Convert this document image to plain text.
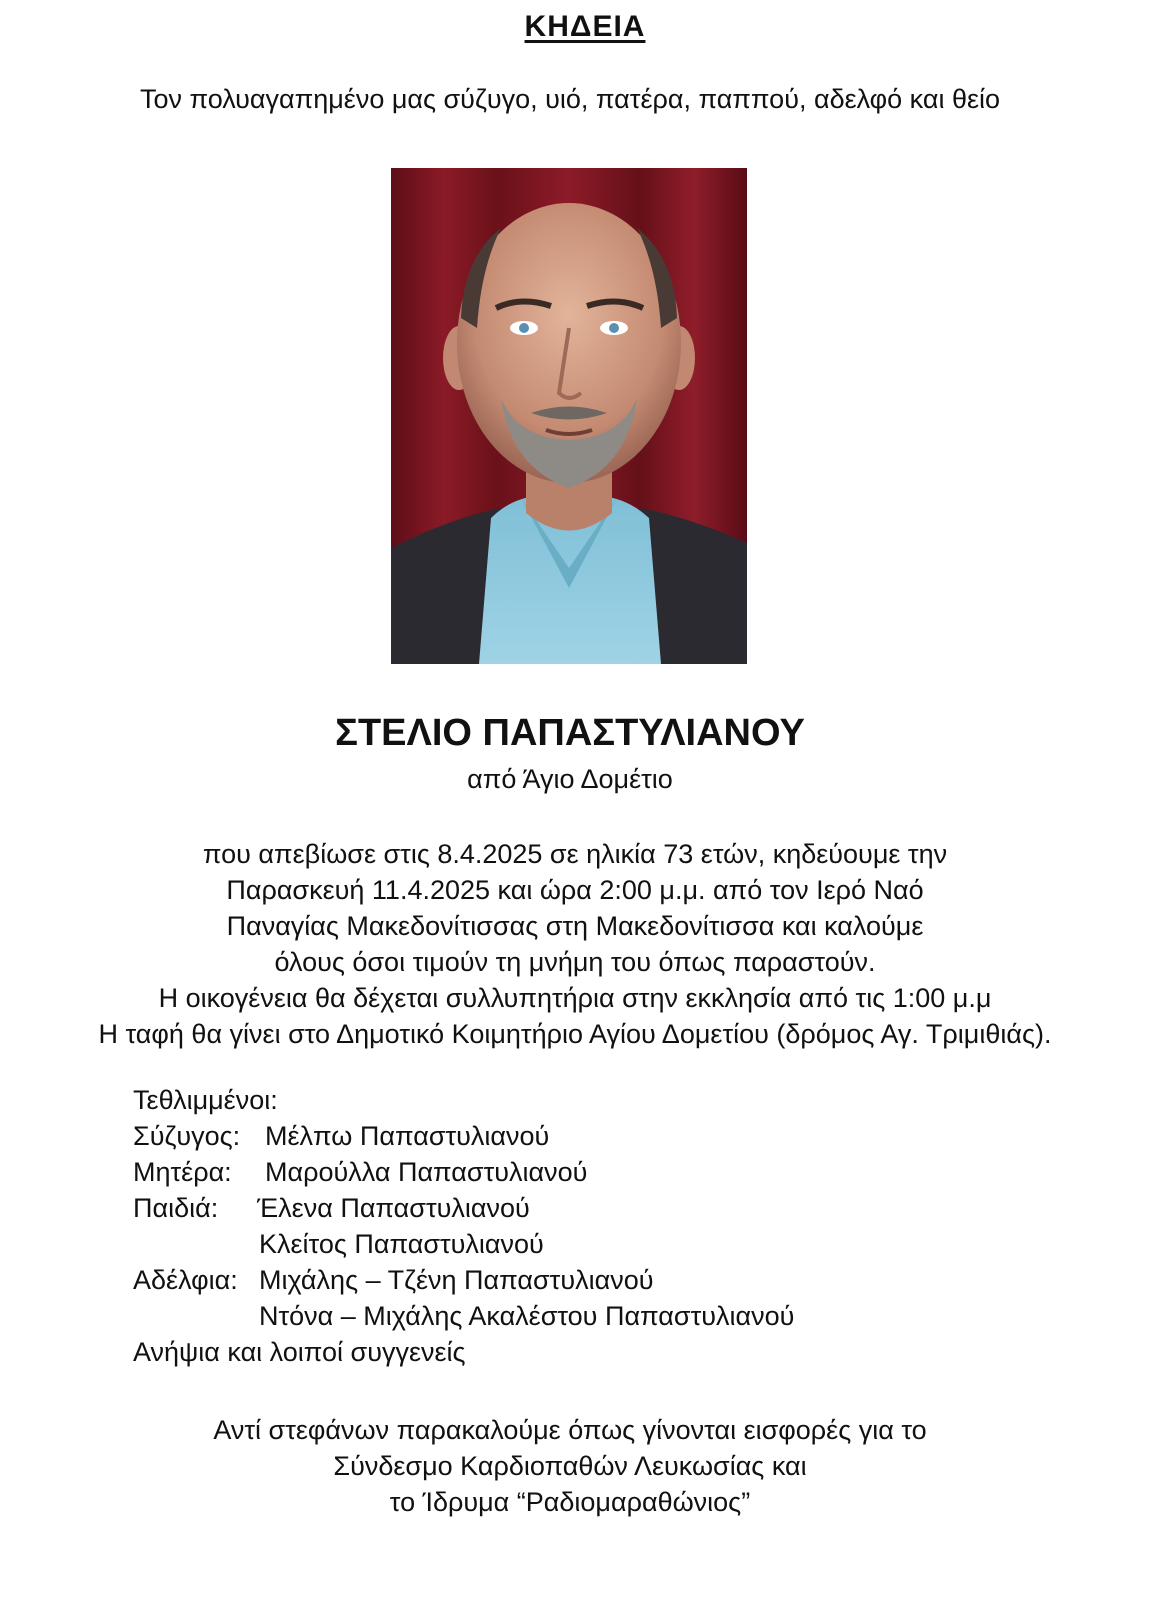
ΚΗΔΕΙΑ
Τον πολυαγαπημένο μας σύζυγο, υιό, πατέρα, παππού, αδελφό και θείο
ΣΤΕΛΙΟ ΠΑΠΑΣΤΥΛΙΑΝΟΥ
από Άγιο Δομέτιο
που απεβίωσε στις 8.4.2025 σε ηλικία 73 ετών, κηδεύουμε την
Παρασκευή 11.4.2025 και ώρα 2:00 μ.μ. από τον Ιερό Ναό
Παναγίας Μακεδονίτισσας στη Μακεδονίτισσα και καλούμε
όλους όσοι τιμούν τη μνήμη του όπως παραστούν.
Η οικογένεια θα δέχεται συλλυπητήρια στην εκκλησία από τις 1:00 μ.μ
Η ταφή θα γίνει στο Δημοτικό Κοιμητήριο Αγίου Δομετίου (δρόμος Αγ. Τριμιθιάς).
Τεθλιμμένοι:
Σύζυγος: Μέλπω Παπαστυλιανού
Μητέρα: Μαρούλλα Παπαστυλιανού
Παιδιά: Έλενα Παπαστυλιανού
Κλείτος Παπαστυλιανού
Αδέλφια: Μιχάλης – Τζένη Παπαστυλιανού
Ντόνα – Μιχάλης Ακαλέστου Παπαστυλιανού
Ανήψια και λοιποί συγγενείς
Αντί στεφάνων παρακαλούμε όπως γίνονται εισφορές για το
Σύνδεσμο Καρδιοπαθών Λευκωσίας και
το Ίδρυμα “Ραδιομαραθώνιος”
